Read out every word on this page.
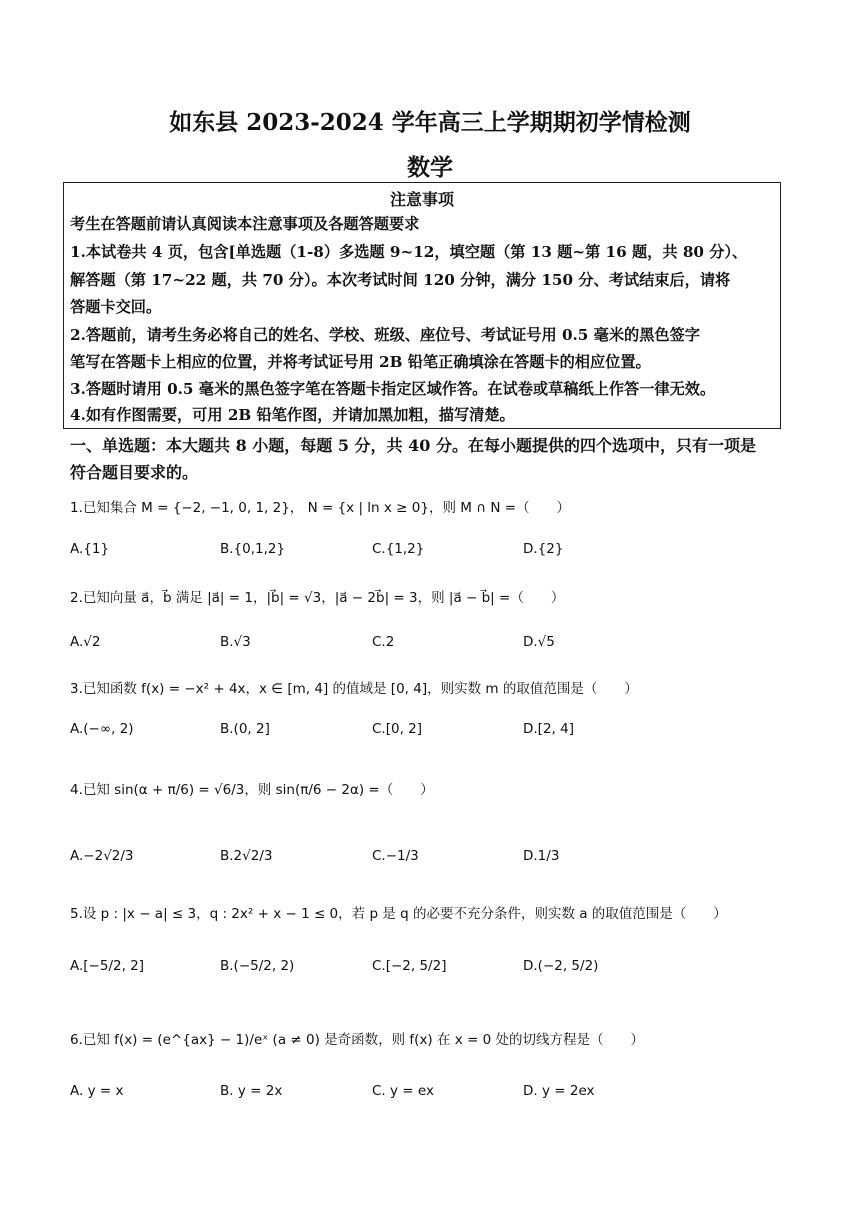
如东县 2023-2024 学年高三上学期期初学情检测
数学
注意事项
考生在答题前请认真阅读本注意事项及各题答题要求
1.本试卷共 4 页，包含[单选题（1-8）多选题 9~12，填空题（第 13 题~第 16 题，共 80 分）、
解答题（第 17~22 题，共 70 分）。本次考试时间 120 分钟，满分 150 分、考试结束后，请将
答题卡交回。
2.答题前，请考生务必将自己的姓名、学校、班级、座位号、考试证号用 0.5 毫米的黑色签字
笔写在答题卡上相应的位置，并将考试证号用 2B 铅笔正确填涂在答题卡的相应位置。
3.答题时请用 0.5 毫米的黑色签字笔在答题卡指定区域作答。在试卷或草稿纸上作答一律无效。
4.如有作图需要，可用 2B 铅笔作图，并请加黑加粗，描写清楚。
一、单选题：本大题共 8 小题，每题 5 分，共 40 分。在每小题提供的四个选项中，只有一项是
符合题目要求的。
1.已知集合 M = {−2, −1, 0, 1, 2}， N = {x | ln x ≥ 0}，则 M ∩ N =（　　）
A.{1}	B.{0,1,2}	C.{1,2}	D.{2}
2.已知向量 a⃗，b⃗ 满足 |a⃗| = 1，|b⃗| = √3，|a⃗ − 2b⃗| = 3，则 |a⃗ − b⃗| =（　　）
A.√2	B.√3	C.2	D.√5
3.已知函数 f(x) = −x² + 4x，x ∈ [m, 4] 的值域是 [0, 4]，则实数 m 的取值范围是（　　）
A.(−∞, 2)	B.(0, 2]	C.[0, 2]	D.[2, 4]
4.已知 sin(α + π/6) = √6/3，则 sin(π/6 − 2α) =（　　）
A.−2√2/3	B.2√2/3	C.−1/3	D.1/3
5.设 p : |x − a| ≤ 3，q : 2x² + x − 1 ≤ 0，若 p 是 q 的必要不充分条件，则实数 a 的取值范围是（　　）
A.[−5/2, 2]	B.(−5/2, 2)	C.[−2, 5/2]	D.(−2, 5/2)
6.已知 f(x) = (e^{ax} − 1)/eˣ (a ≠ 0) 是奇函数，则 f(x) 在 x = 0 处的切线方程是（　　）
A. y = x	B. y = 2x	C. y = ex	D. y = 2ex
